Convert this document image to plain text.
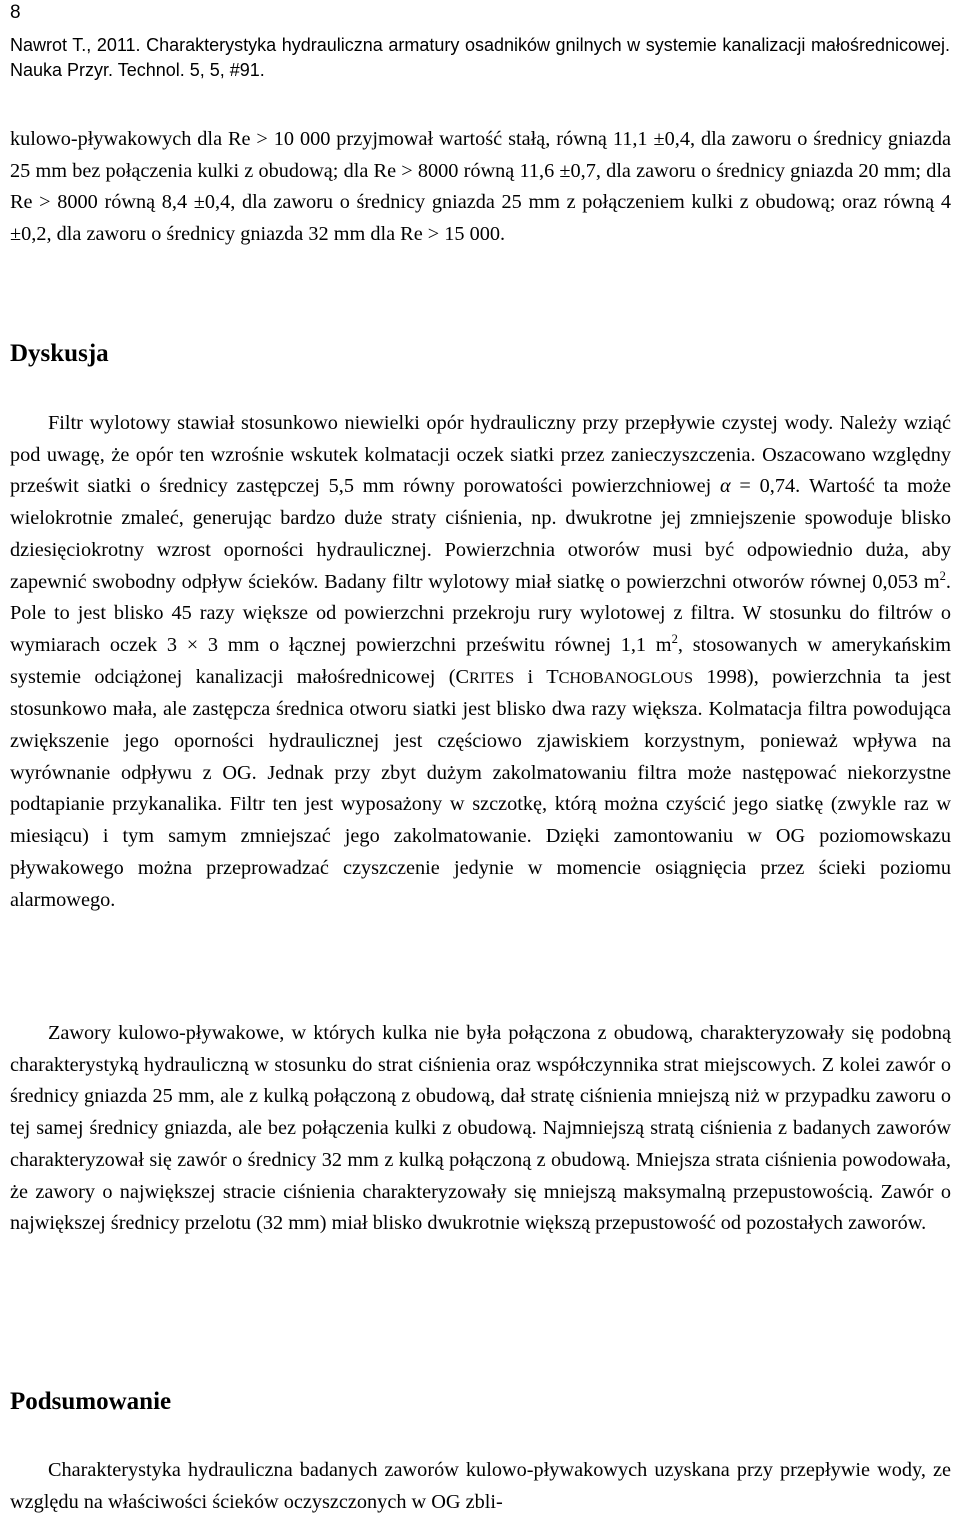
8
Nawrot T., 2011. Charakterystyka hydrauliczna armatury osadników gnilnych w systemie kanalizacji małośrednicowej. Nauka Przyr. Technol. 5, 5, #91.

kulowo-pływakowych dla Re > 10 000 przyjmował wartość stałą, równą 11,1 ±0,4, dla zaworu o średnicy gniazda 25 mm bez połączenia kulki z obudową; dla Re > 8000 równą 11,6 ±0,7, dla zaworu o średnicy gniazda 20 mm; dla Re > 8000 równą 8,4 ±0,4, dla zaworu o średnicy gniazda 25 mm z połączeniem kulki z obudową; oraz równą 4 ±0,2, dla zaworu o średnicy gniazda 32 mm dla Re > 15 000.

Dyskusja

Filtr wylotowy stawiał stosunkowo niewielki opór hydrauliczny przy przepływie czystej wody. Należy wziąć pod uwagę, że opór ten wzrośnie wskutek kolmatacji oczek siatki przez zanieczyszczenia. Oszacowano względny prześwit siatki o średnicy zastępczej 5,5 mm równy porowatości powierzchniowej α = 0,74. Wartość ta może wielokrotnie zmaleć, generując bardzo duże straty ciśnienia, np. dwukrotne jej zmniejszenie spowoduje blisko dziesięciokrotny wzrost oporności hydraulicznej. Powierzchnia otworów musi być odpowiednio duża, aby zapewnić swobodny odpływ ścieków. Badany filtr wylotowy miał siatkę o powierzchni otworów równej 0,053 $m^2$. Pole to jest blisko 45 razy większe od powierzchni przekroju rury wylotowej z filtra. W stosunku do filtrów o wymiarach oczek 3 × 3 mm o łącznej powierzchni prześwitu równej 1,1 $m^2$, stosowanych w amerykańskim systemie odciążonej kanalizacji małośrednicowej (CRITES i TCHOBANOGLOUS 1998), powierzchnia ta jest stosunkowo mała, ale zastępcza średnica otworu siatki jest blisko dwa razy większa. Kolmatacja filtra powodująca zwiększenie jego oporności hydraulicznej jest częściowo zjawiskiem korzystnym, ponieważ wpływa na wyrównanie odpływu z OG. Jednak przy zbyt dużym zakolmatowaniu filtra może następować niekorzystne podtapianie przykanalika. Filtr ten jest wyposażony w szczotkę, którą można czyścić jego siatkę (zwykle raz w miesiącu) i tym samym zmniejszać jego zakolmatowanie. Dzięki zamontowaniu w OG poziomowskazu pływakowego można przeprowadzać czyszczenie jedynie w momencie osiągnięcia przez ścieki poziomu alarmowego.

Zawory kulowo-pływakowe, w których kulka nie była połączona z obudową, charakteryzowały się podobną charakterystyką hydrauliczną w stosunku do strat ciśnienia oraz współczynnika strat miejscowych. Z kolei zawór o średnicy gniazda 25 mm, ale z kulką połączoną z obudową, dał stratę ciśnienia mniejszą niż w przypadku zaworu o tej samej średnicy gniazda, ale bez połączenia kulki z obudową. Najmniejszą stratą ciśnienia z badanych zaworów charakteryzował się zawór o średnicy 32 mm z kulką połączoną z obudową. Mniejsza strata ciśnienia powodowała, że zawory o największej stracie ciśnienia charakteryzowały się mniejszą maksymalną przepustowością. Zawór o największej średnicy przelotu (32 mm) miał blisko dwukrotnie większą przepustowość od pozostałych zaworów.

Podsumowanie

Charakterystyka hydrauliczna badanych zaworów kulowo-pływakowych uzyskana przy przepływie wody, ze względu na właściwości ścieków oczyszczonych w OG zbli-
